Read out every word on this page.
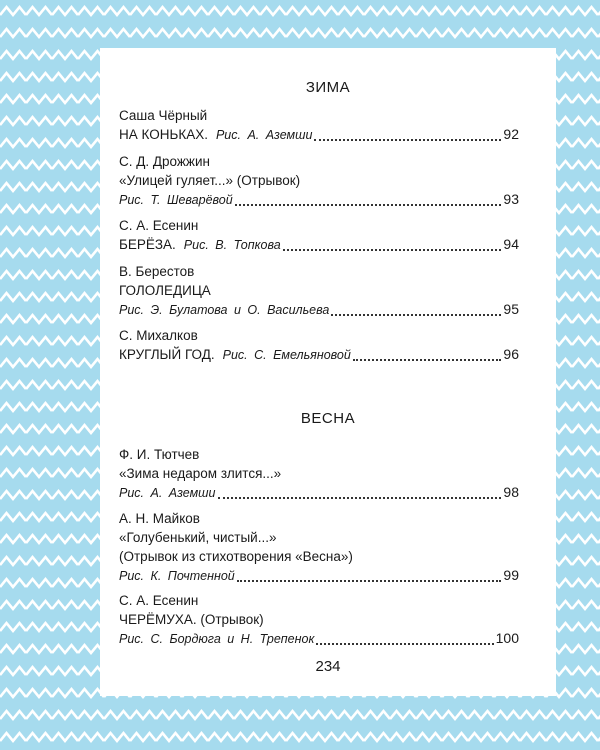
ЗИМА
Саша Чёрный
НА КОНЬКАХ. Рис. А. Аземши	92
С. Д. Дрожжин
«Улицей гуляет...» (Отрывок)
Рис. Т. Шеварёвой	93
С. А. Есенин
БЕРЁЗА. Рис. В. Топкова	94
В. Берестов
ГОЛОЛЕДИЦА
Рис. Э. Булатова и О. Васильева	95
С. Михалков
КРУГЛЫЙ ГОД. Рис. С. Емельяновой	96
ВЕСНА
Ф. И. Тютчев
«Зима недаром злится...»
Рис. А. Аземши	98
А. Н. Майков
«Голубенький, чистый...»
(Отрывок из стихотворения «Весна»)
Рис. К. Почтенной	99
С. А. Есенин
ЧЕРЁМУХА. (Отрывок)
Рис. С. Бордюга и Н. Трепенок	100
234
